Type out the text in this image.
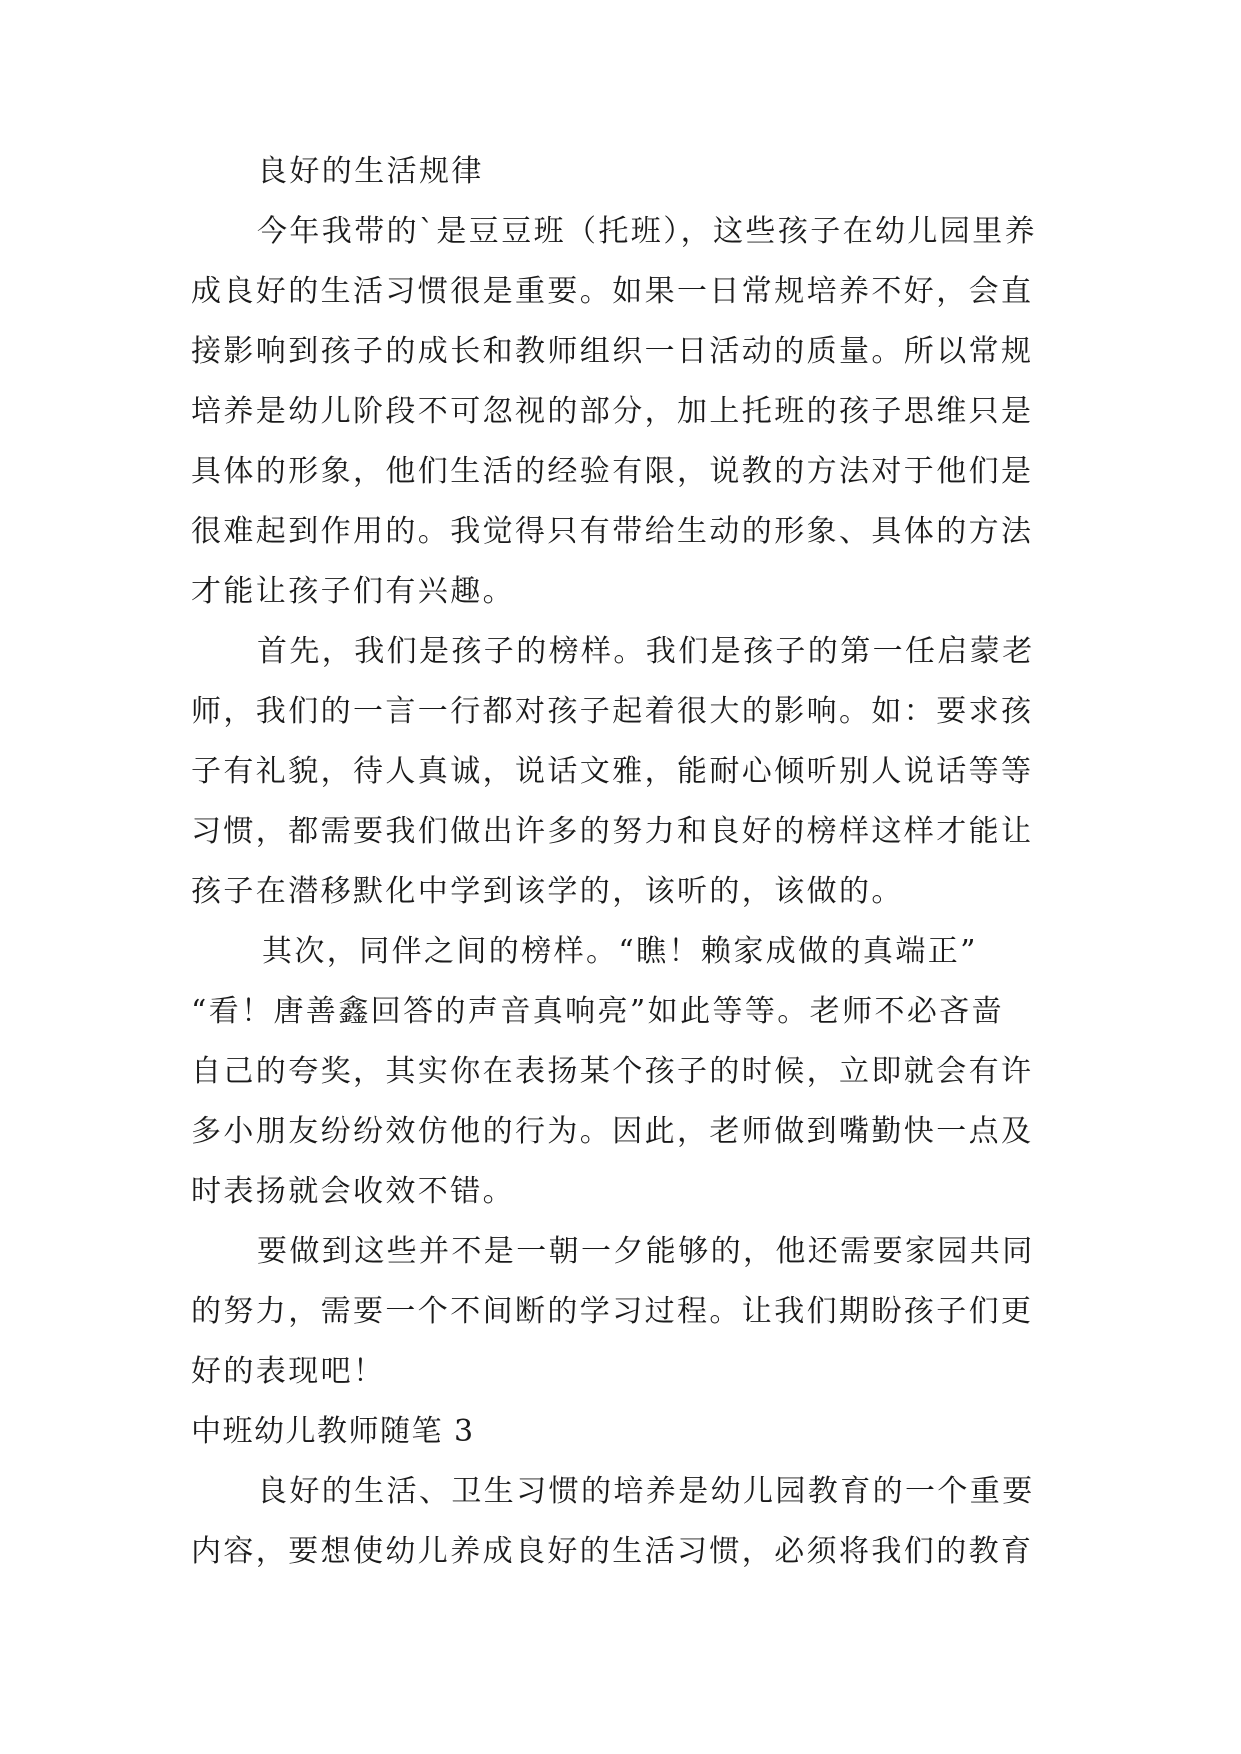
良好的生活规律
今年我带的`是豆豆班（托班），这些孩子在幼儿园里养
成良好的生活习惯很是重要。如果一日常规培养不好，会直
接影响到孩子的成长和教师组织一日活动的质量。所以常规
培养是幼儿阶段不可忽视的部分，加上托班的孩子思维只是
具体的形象，他们生活的经验有限，说教的方法对于他们是
很难起到作用的。我觉得只有带给生动的形象、具体的方法
才能让孩子们有兴趣。
首先，我们是孩子的榜样。我们是孩子的第一任启蒙老
师，我们的一言一行都对孩子起着很大的影响。如：要求孩
子有礼貌，待人真诚，说话文雅，能耐心倾听别人说话等等
习惯，都需要我们做出许多的努力和良好的榜样这样才能让
孩子在潜移默化中学到该学的，该听的，该做的。
其次，同伴之间的榜样。“瞧！赖家成做的真端正”
“看！唐善鑫回答的声音真响亮”如此等等。老师不必吝啬
自己的夸奖，其实你在表扬某个孩子的时候，立即就会有许
多小朋友纷纷效仿他的行为。因此，老师做到嘴勤快一点及
时表扬就会收效不错。
要做到这些并不是一朝一夕能够的，他还需要家园共同
的努力，需要一个不间断的学习过程。让我们期盼孩子们更
好的表现吧！
中班幼儿教师随笔 3
良好的生活、卫生习惯的培养是幼儿园教育的一个重要
内容，要想使幼儿养成良好的生活习惯，必须将我们的教育
